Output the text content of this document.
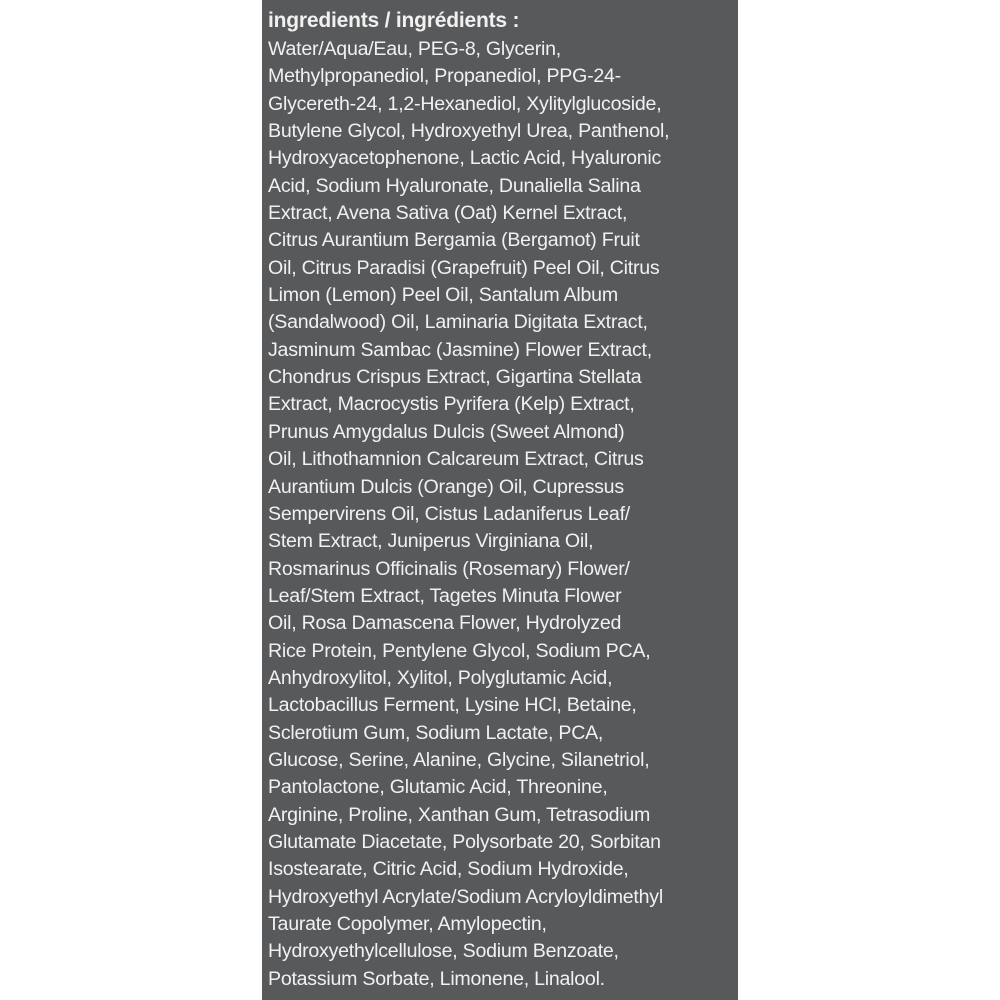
ingredients / ingrédients :
Water/Aqua/Eau, PEG-8, Glycerin,
Methylpropanediol, Propanediol, PPG-24-
Glycereth-24, 1,2-Hexanediol, Xylitylglucoside,
Butylene Glycol, Hydroxyethyl Urea, Panthenol,
Hydroxyacetophenone, Lactic Acid, Hyaluronic
Acid, Sodium Hyaluronate, Dunaliella Salina
Extract, Avena Sativa (Oat) Kernel Extract,
Citrus Aurantium Bergamia (Bergamot) Fruit
Oil, Citrus Paradisi (Grapefruit) Peel Oil, Citrus
Limon (Lemon) Peel Oil, Santalum Album
(Sandalwood) Oil, Laminaria Digitata Extract,
Jasminum Sambac (Jasmine) Flower Extract,
Chondrus Crispus Extract, Gigartina Stellata
Extract, Macrocystis Pyrifera (Kelp) Extract,
Prunus Amygdalus Dulcis (Sweet Almond)
Oil, Lithothamnion Calcareum Extract, Citrus
Aurantium Dulcis (Orange) Oil, Cupressus
Sempervirens Oil, Cistus Ladaniferus Leaf/
Stem Extract, Juniperus Virginiana Oil,
Rosmarinus Officinalis (Rosemary) Flower/
Leaf/Stem Extract, Tagetes Minuta Flower
Oil, Rosa Damascena Flower, Hydrolyzed
Rice Protein, Pentylene Glycol, Sodium PCA,
Anhydroxylitol, Xylitol, Polyglutamic Acid,
Lactobacillus Ferment, Lysine HCl, Betaine,
Sclerotium Gum, Sodium Lactate, PCA,
Glucose, Serine, Alanine, Glycine, Silanetriol,
Pantolactone, Glutamic Acid, Threonine,
Arginine, Proline, Xanthan Gum, Tetrasodium
Glutamate Diacetate, Polysorbate 20, Sorbitan
Isostearate, Citric Acid, Sodium Hydroxide,
Hydroxyethyl Acrylate/Sodium Acryloyldimethyl
Taurate Copolymer, Amylopectin,
Hydroxyethylcellulose, Sodium Benzoate,
Potassium Sorbate, Limonene, Linalool.
